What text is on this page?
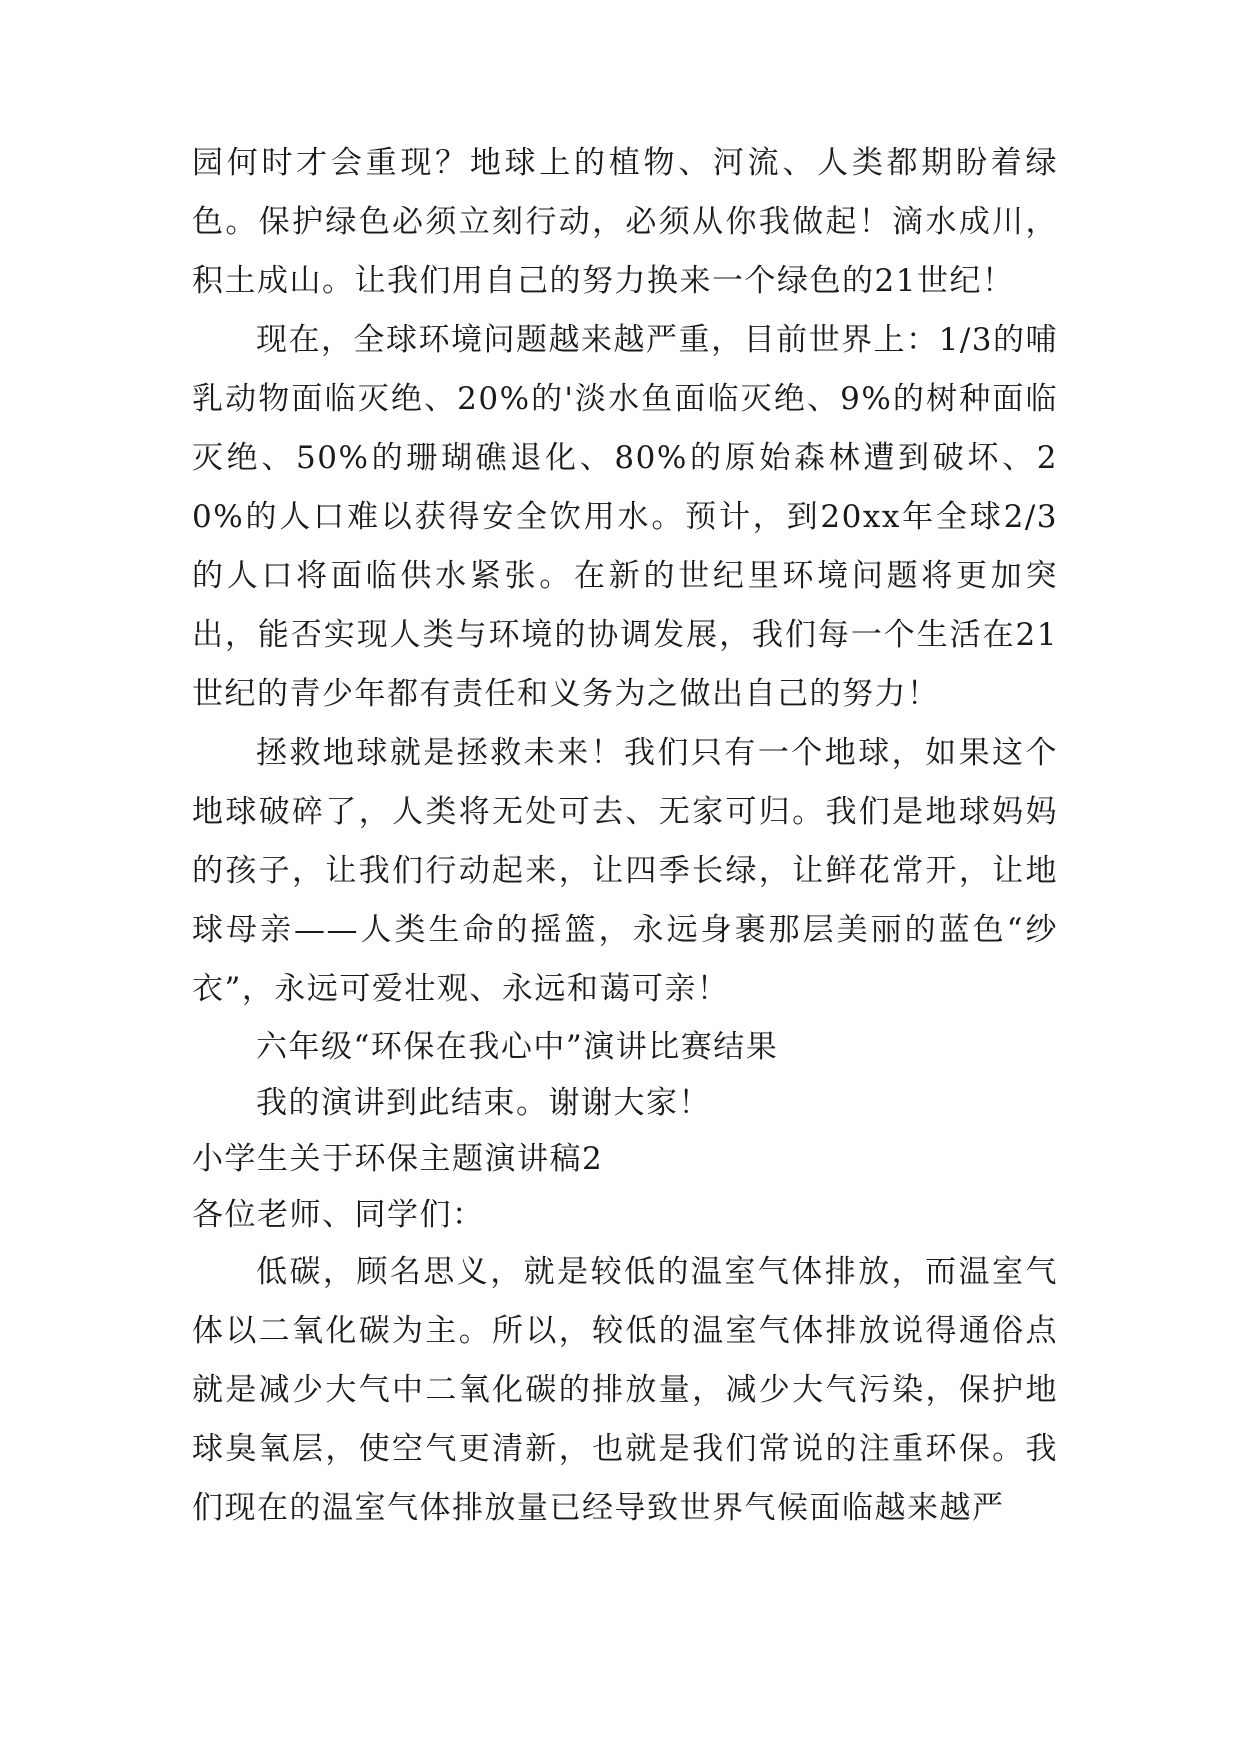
园何时才会重现？地球上的植物、河流、人类都期盼着绿色。保护绿色必须立刻行动，必须从你我做起！滴水成川，积土成山。让我们用自己的努力换来一个绿色的21世纪！

现在，全球环境问题越来越严重，目前世界上：1/3的哺乳动物面临灭绝、20%的'淡水鱼面临灭绝、9%的树种面临灭绝、50%的珊瑚礁退化、80%的原始森林遭到破坏、20%的人口难以获得安全饮用水。预计，到20xx年全球2/3的人口将面临供水紧张。在新的世纪里环境问题将更加突出，能否实现人类与环境的协调发展，我们每一个生活在21世纪的青少年都有责任和义务为之做出自己的努力！

拯救地球就是拯救未来！我们只有一个地球，如果这个地球破碎了，人类将无处可去、无家可归。我们是地球妈妈的孩子，让我们行动起来，让四季长绿，让鲜花常开，让地球母亲——人类生命的摇篮，永远身裹那层美丽的蓝色“纱衣”，永远可爱壮观、永远和蔼可亲！

六年级“环保在我心中”演讲比赛结果

我的演讲到此结束。谢谢大家！

小学生关于环保主题演讲稿2

各位老师、同学们：

低碳，顾名思义，就是较低的温室气体排放，而温室气体以二氧化碳为主。所以，较低的温室气体排放说得通俗点就是减少大气中二氧化碳的排放量，减少大气污染，保护地球臭氧层，使空气更清新，也就是我们常说的注重环保。我们现在的温室气体排放量已经导致世界气候面临越来越严
